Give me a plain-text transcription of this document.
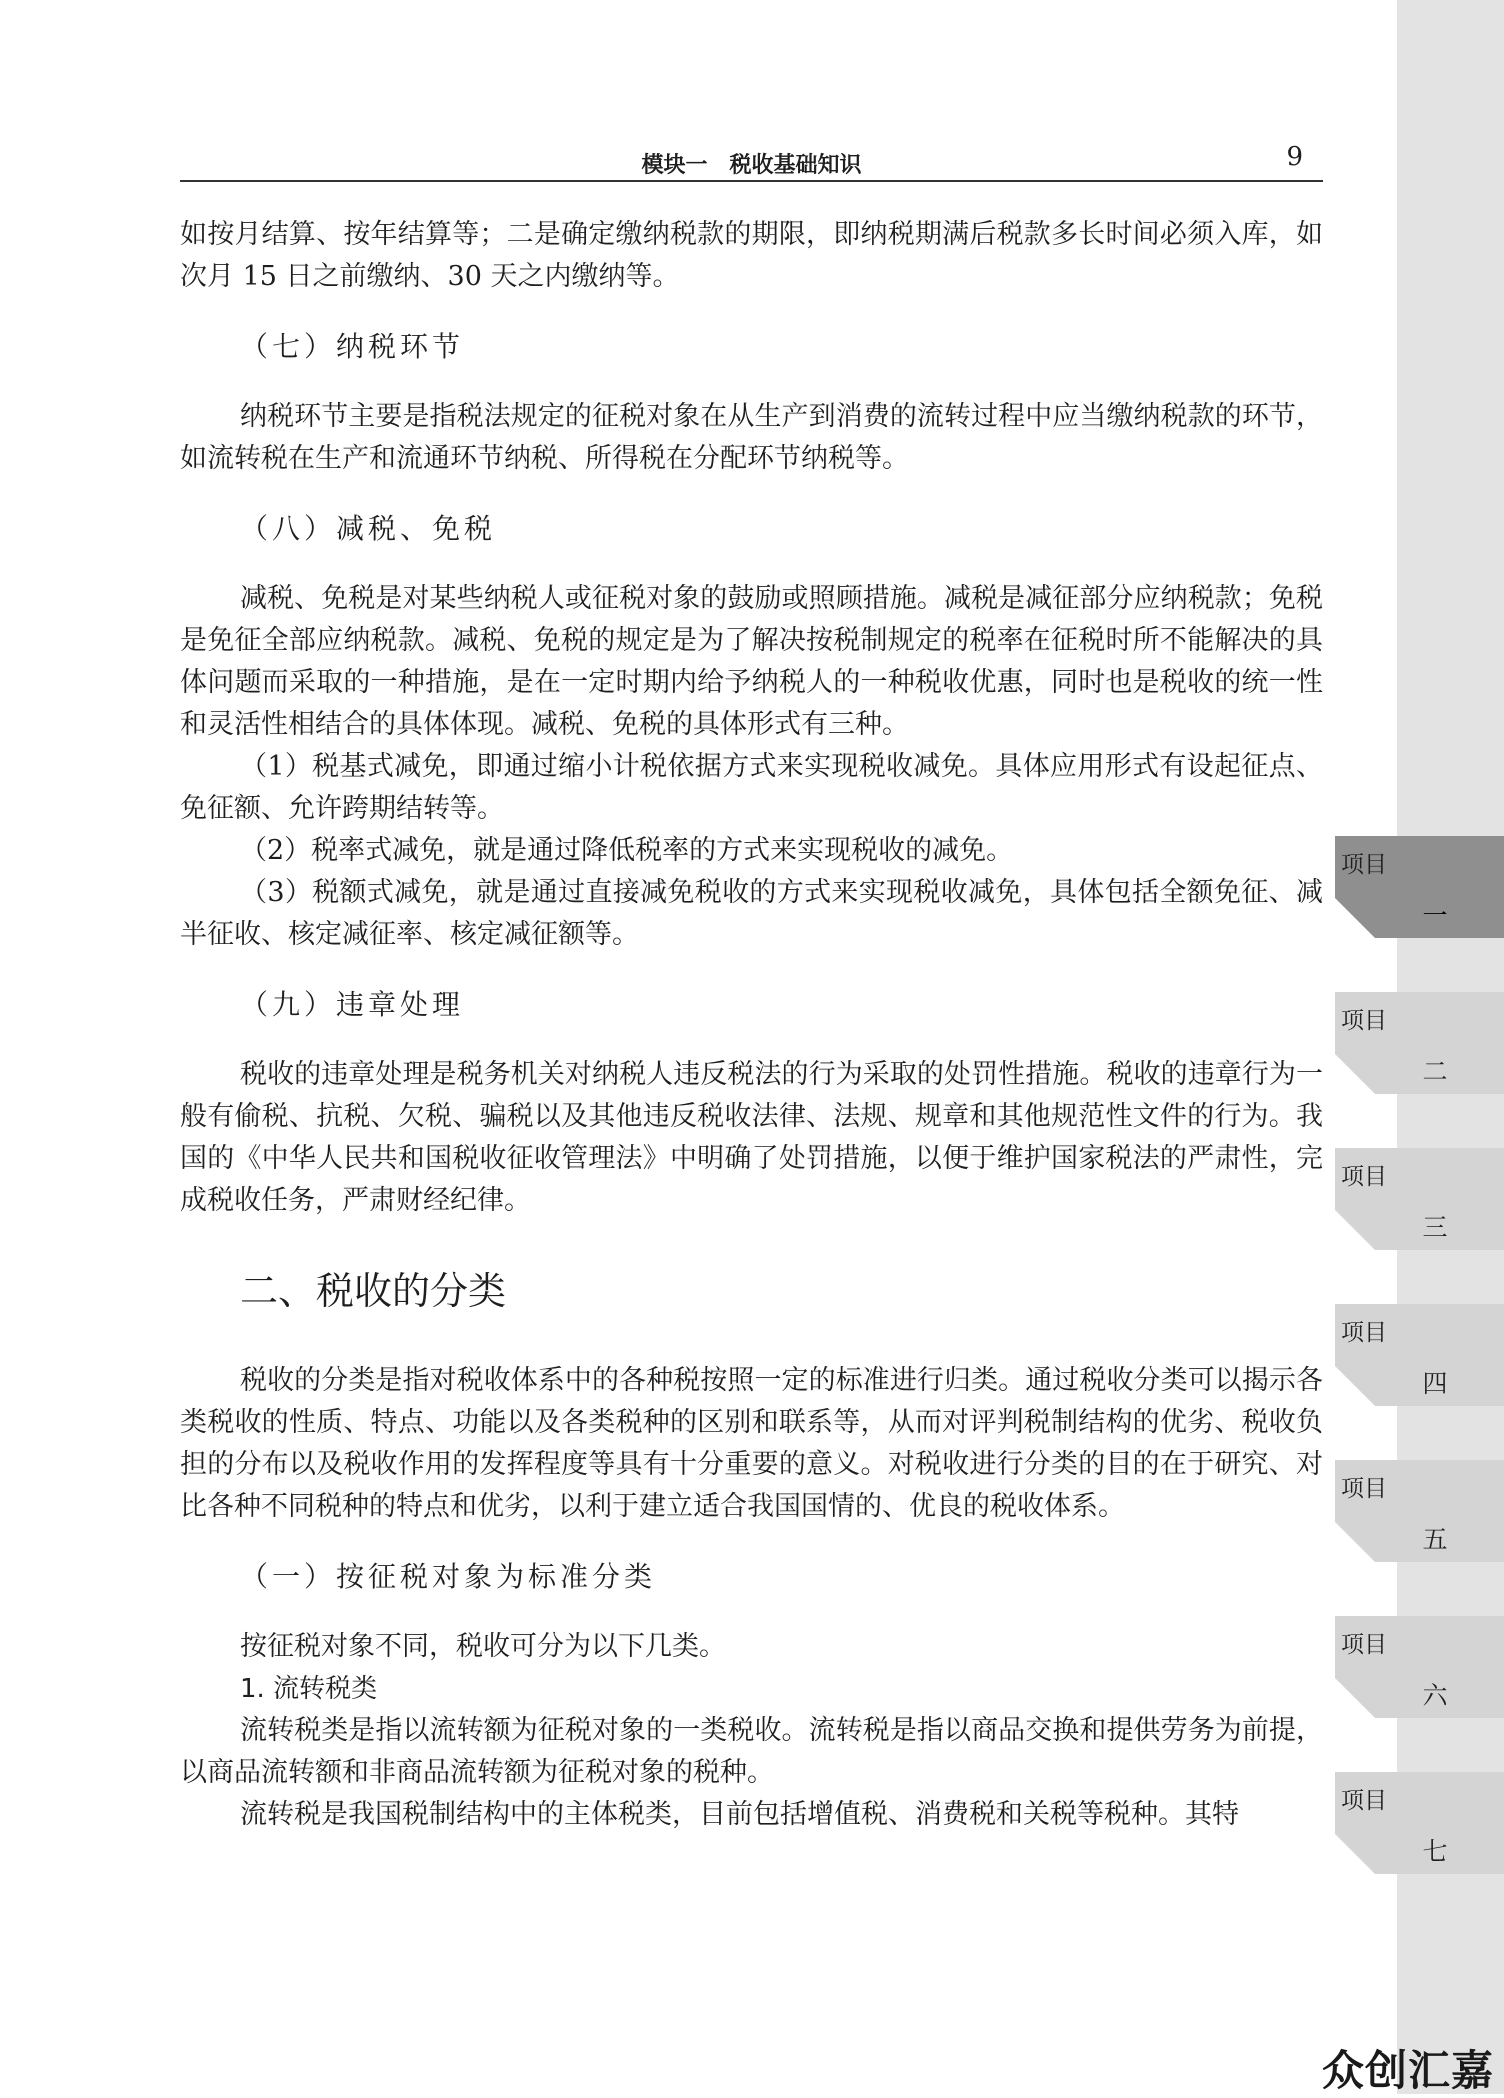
模块一　税收基础知识	9

如按月结算、按年结算等；二是确定缴纳税款的期限，即纳税期满后税款多长时间必须入库，如次月 15 日之前缴纳、30 天之内缴纳等。

（七）纳税环节

纳税环节主要是指税法规定的征税对象在从生产到消费的流转过程中应当缴纳税款的环节，如流转税在生产和流通环节纳税、所得税在分配环节纳税等。

（八）减税、免税

减税、免税是对某些纳税人或征税对象的鼓励或照顾措施。减税是减征部分应纳税款；免税是免征全部应纳税款。减税、免税的规定是为了解决按税制规定的税率在征税时所不能解决的具体问题而采取的一种措施，是在一定时期内给予纳税人的一种税收优惠，同时也是税收的统一性和灵活性相结合的具体体现。减税、免税的具体形式有三种。

（1）税基式减免，即通过缩小计税依据方式来实现税收减免。具体应用形式有设起征点、免征额、允许跨期结转等。

（2）税率式减免，就是通过降低税率的方式来实现税收的减免。

（3）税额式减免，就是通过直接减免税收的方式来实现税收减免，具体包括全额免征、减半征收、核定减征率、核定减征额等。

（九）违章处理

税收的违章处理是税务机关对纳税人违反税法的行为采取的处罚性措施。税收的违章行为一般有偷税、抗税、欠税、骗税以及其他违反税收法律、法规、规章和其他规范性文件的行为。我国的《中华人民共和国税收征收管理法》中明确了处罚措施，以便于维护国家税法的严肃性，完成税收任务，严肃财经纪律。

二、税收的分类

税收的分类是指对税收体系中的各种税按照一定的标准进行归类。通过税收分类可以揭示各类税收的性质、特点、功能以及各类税种的区别和联系等，从而对评判税制结构的优劣、税收负担的分布以及税收作用的发挥程度等具有十分重要的意义。对税收进行分类的目的在于研究、对比各种不同税种的特点和优劣，以利于建立适合我国国情的、优良的税收体系。

（一）按征税对象为标准分类

按征税对象不同，税收可分为以下几类。

1. 流转税类

流转税类是指以流转额为征税对象的一类税收。流转税是指以商品交换和提供劳务为前提，以商品流转额和非商品流转额为征税对象的税种。

流转税是我国税制结构中的主体税类，目前包括增值税、消费税和关税等税种。其特

项目
一
项目
二
项目
三
项目
四
项目
五
项目
六
项目
七
众创汇嘉
